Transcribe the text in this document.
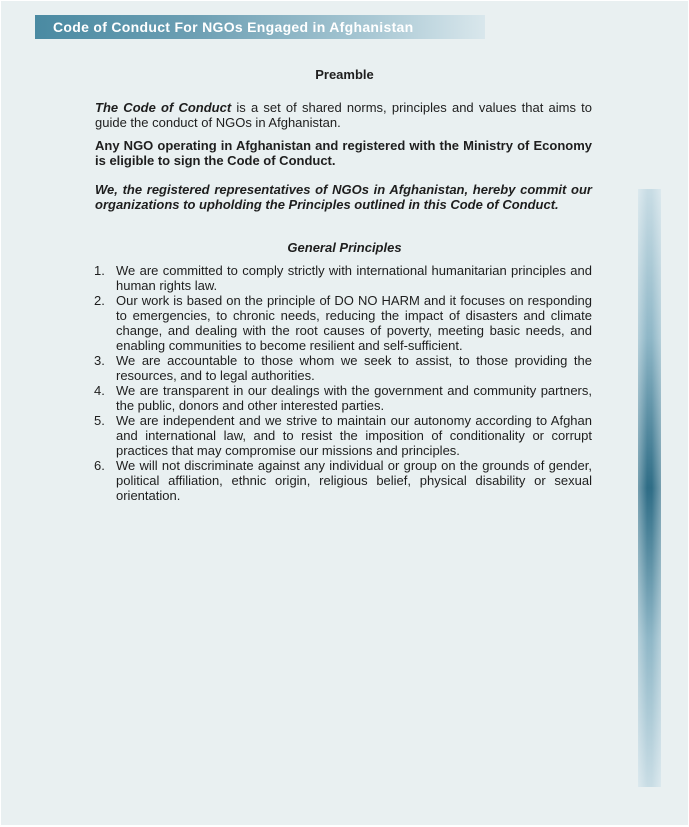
Code of Conduct For NGOs Engaged in Afghanistan
Preamble

The Code of Conduct is a set of shared norms, principles and values that aims to guide the conduct of NGOs in Afghanistan.

Any NGO operating in Afghanistan and registered with the Ministry of Economy is eligible to sign the Code of Conduct.

We, the registered representatives of NGOs in Afghanistan, hereby commit our organizations to upholding the Principles outlined in this Code of Conduct.

General Principles
1. We are committed to comply strictly with international humanitarian principles and human rights law.
2. Our work is based on the principle of DO NO HARM and it focuses on responding to emergencies, to chronic needs, reducing the impact of disasters and climate change, and dealing with the root causes of poverty, meeting basic needs, and enabling communities to become resilient and self-sufficient.
3. We are accountable to those whom we seek to assist, to those providing the resources, and to legal authorities.
4. We are transparent in our dealings with the government and community partners, the public, donors and other interested parties.
5. We are independent and we strive to maintain our autonomy according to Afghan and international law, and to resist the imposition of conditionality or corrupt practices that may compromise our missions and principles.
6. We will not discriminate against any individual or group on the grounds of gender, political affiliation, ethnic origin, religious belief, physical disability or sexual orientation.
